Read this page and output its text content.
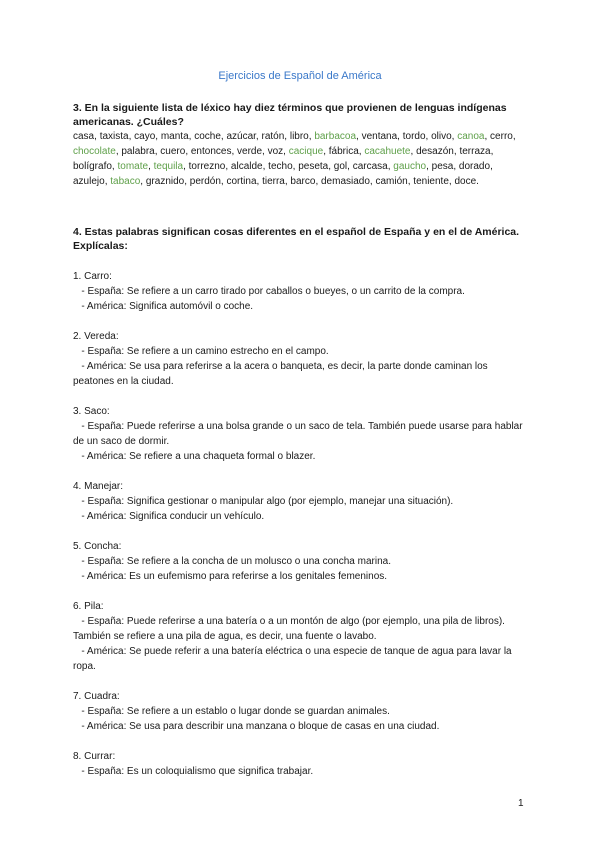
Ejercicios de Español de América

3. En la siguiente lista de léxico hay diez términos que provienen de lenguas indígenas americanas. ¿Cuáles?

casa, taxista, cayo, manta, coche, azúcar, ratón, libro, barbacoa, ventana, tordo, olivo, canoa, cerro, chocolate, palabra, cuero, entonces, verde, voz, cacique, fábrica, cacahuete, desazón, terraza, bolígrafo, tomate, tequila, torrezno, alcalde, techo, peseta, gol, carcasa, gaucho, pesa, dorado, azulejo, tabaco, graznido, perdón, cortina, tierra, barco, demasiado, camión, teniente, doce.

4. Estas palabras significan cosas diferentes en el español de España y en el de América. Explícalas:

1. Carro:

- España: Se refiere a un carro tirado por caballos o bueyes, o un carrito de la compra.

- América: Significa automóvil o coche.

2. Vereda:

- España: Se refiere a un camino estrecho en el campo.

- América: Se usa para referirse a la acera o banqueta, es decir, la parte donde caminan los peatones en la ciudad.

3. Saco:

- España: Puede referirse a una bolsa grande o un saco de tela. También puede usarse para hablar de un saco de dormir.

- América: Se refiere a una chaqueta formal o blazer.

4. Manejar:

- España: Significa gestionar o manipular algo (por ejemplo, manejar una situación).

- América: Significa conducir un vehículo.

5. Concha:

- España: Se refiere a la concha de un molusco o una concha marina.

- América: Es un eufemismo para referirse a los genitales femeninos.

6. Pila:

- España: Puede referirse a una batería o a un montón de algo (por ejemplo, una pila de libros). También se refiere a una pila de agua, es decir, una fuente o lavabo.

- América: Se puede referir a una batería eléctrica o una especie de tanque de agua para lavar la ropa.

7. Cuadra:

- España: Se refiere a un establo o lugar donde se guardan animales.

- América: Se usa para describir una manzana o bloque de casas en una ciudad.

8. Currar:

- España: Es un coloquialismo que significa trabajar.

1
